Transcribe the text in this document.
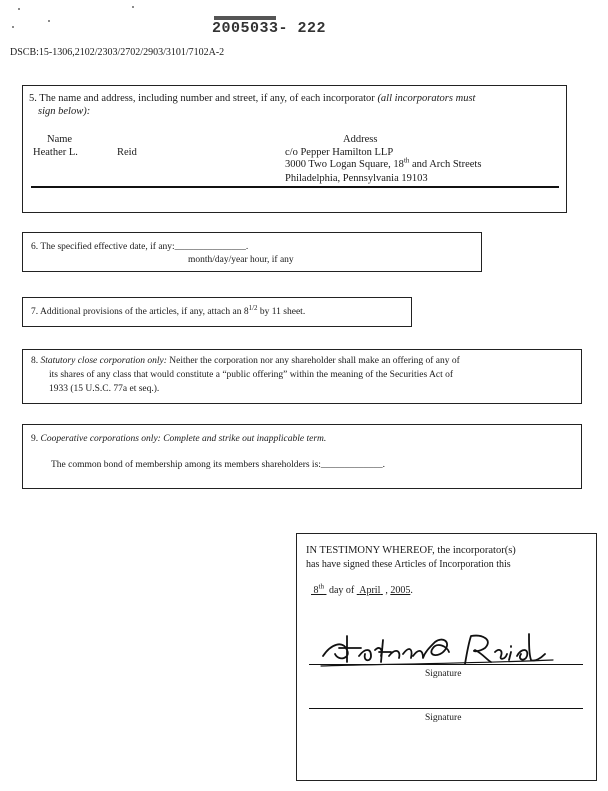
2005033- 222
DSCB:15-1306,2102/2303/2702/2903/3101/7102A-2
5. The name and address, including number and street, if any, of each incorporator (all incorporators must
sign below):
Name	Address
Heather L.	Reid	c/o Pepper Hamilton LLP
3000 Two Logan Square, 18th and Arch Streets
Philadelphia, Pennsylvania 19103
6. The specified effective date, if any:_______________.
month/day/year hour, if any
7. Additional provisions of the articles, if any, attach an $8^{1/2}$ by 11 sheet.
8. Statutory close corporation only: Neither the corporation nor any shareholder shall make an offering of any of
its shares of any class that would constitute a “public offering” within the meaning of the Securities Act of
1933 (15 U.S.C. 77a et seq.).
9. Cooperative corporations only: Complete and strike out inapplicable term.
The common bond of membership among its members shareholders is:_____________.
IN TESTIMONY WHEREOF, the incorporator(s)
has have signed these Articles of Incorporation this
8th  day of  April  , 2005.
Signature
Signature
